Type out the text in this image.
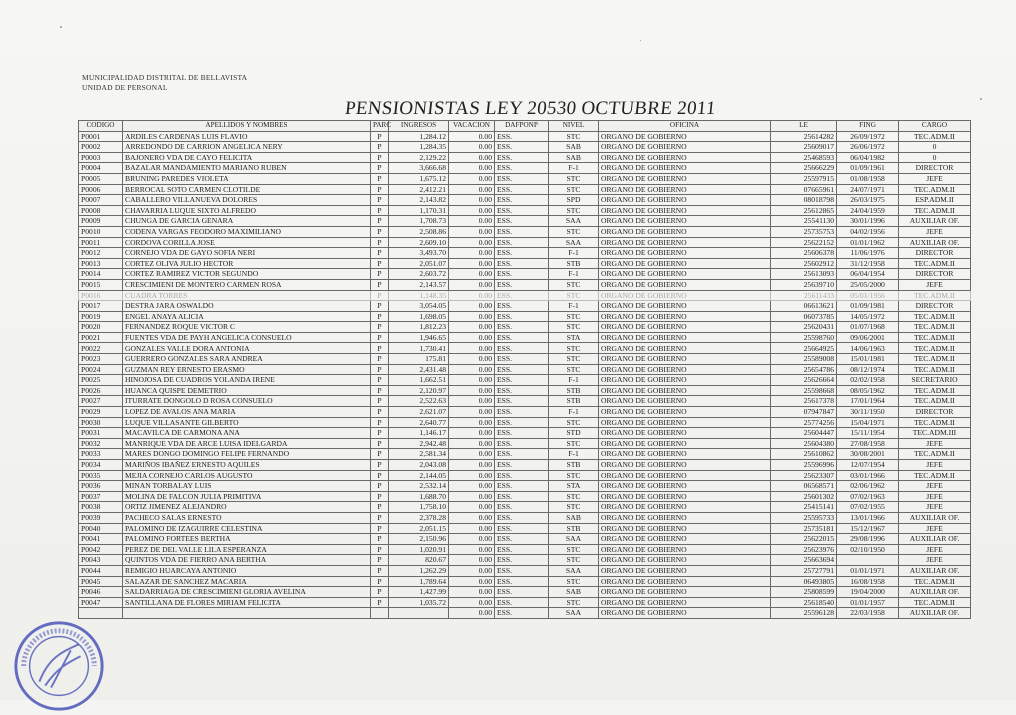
MUNICIPALIDAD DISTRITAL DE BELLAVISTA
UNIDAD DE PERSONAL
PENSIONISTAS LEY 20530 OCTUBRE 2011
CODIGO	APELLIDOS Y NOMBRES	PARC	INGRESOS	VACACION	DAFPONP	NIVEL	OFICINA	LE	FING	CARGO
P0001	ARDILES CARDENAS LUIS FLAVIO	P	1,284.12	0.00	ESS.	STC	ORGANO DE GOBIERNO	25614282	26/09/1972	TEC.ADM.II
P0002	ARREDONDO DE CARRION ANGELICA NERY	P	1,284.35	0.00	ESS.	SAB	ORGANO DE GOBIERNO	25609017	26/06/1972	0
P0003	BAJONERO VDA DE CAYO FELICITA	P	2,129.22	0.00	ESS.	SAB	ORGANO DE GOBIERNO	25468593	06/04/1982	0
P0004	BAZALAR MANDAMIENTO MARIANO RUBEN	P	3,666.68	0.00	ESS.	F-1	ORGANO DE GOBIERNO	25666229	01/09/1961	DIRECTOR
P0005	BRUNING PAREDES VIOLETA	P	1,675.12	0.00	ESS.	STC	ORGANO DE GOBIERNO	25597915	01/08/1958	JEFE
P0006	BERROCAL SOTO CARMEN CLOTILDE	P	2,412.21	0.00	ESS.	STC	ORGANO DE GOBIERNO	07665961	24/07/1971	TEC.ADM.II
P0007	CABALLERO VILLANUEVA DOLORES	P	2,143.82	0.00	ESS.	SPD	ORGANO DE GOBIERNO	08018798	26/03/1975	ESP.ADM.II
P0008	CHAVARRIA LUQUE SIXTO ALFREDO	P	1,170.31	0.00	ESS.	STC	ORGANO DE GOBIERNO	25612865	24/04/1959	TEC.ADM.II
P0009	CHUNGA DE GARCIA GENARA	P	1,708.73	0.00	ESS.	SAA	ORGANO DE GOBIERNO	25541130	30/01/1996	AUXILIAR OF.
P0010	CODENA VARGAS FEODORO MAXIMILIANO	P	2,508.86	0.00	ESS.	STC	ORGANO DE GOBIERNO	25735753	04/02/1956	JEFE
P0011	CORDOVA CORILLA JOSE	P	2,609.10	0.00	ESS.	SAA	ORGANO DE GOBIERNO	25622152	01/01/1962	AUXILIAR OF.
P0012	CORNEJO VDA DE GAYO SOFIA NERI	P	3,493.70	0.00	ESS.	F-1	ORGANO DE GOBIERNO	25606378	11/06/1976	DIRECTOR
P0013	CORTEZ OLIVA JULIO HECTOR	P	2,051.07	0.00	ESS.	STB	ORGANO DE GOBIERNO	25602912	31/12/1958	TEC.ADM.II
P0014	CORTEZ RAMIREZ VICTOR SEGUNDO	P	2,603.72	0.00	ESS.	F-1	ORGANO DE GOBIERNO	25613093	06/04/1954	DIRECTOR
P0015	CRESCIMIENI DE MONTERO CARMEN ROSA	P	2,143.57	0.00	ESS.	STC	ORGANO DE GOBIERNO	25639710	25/05/2000	JEFE
P0016	CUADRA TORRES	P	1,148.35	0.00	ESS.	STC	ORGANO DE GOBIERNO	25611433	05/01/1956	TEC.ADM.II
P0017	DESTRA JARA OSWALDO	P	3,054.05	0.00	ESS.	F-1	ORGANO DE GOBIERNO	06613621	01/09/1981	DIRECTOR
P0019	ENGEL ANAYA ALICIA	P	1,698.05	0.00	ESS.	STC	ORGANO DE GOBIERNO	06073785	14/05/1972	TEC.ADM.II
P0020	FERNANDEZ ROQUE VICTOR C	P	1,812.23	0.00	ESS.	STC	ORGANO DE GOBIERNO	25620431	01/07/1968	TEC.ADM.II
P0021	FUENTES VDA DE PAYH ANGELICA CONSUELO	P	1,946.65	0.00	ESS.	STA	ORGANO DE GOBIERNO	25598760	09/06/2001	TEC.ADM.II
P0022	GONZALES VALLE DORA ANTONIA	P	1,730.41	0.00	ESS.	STC	ORGANO DE GOBIERNO	25664925	14/06/1963	TEC.ADM.II
P0023	GUERRERO GONZALES SARA ANDREA	P	175.81	0.00	ESS.	STC	ORGANO DE GOBIERNO	25589008	15/01/1981	TEC.ADM.II
P0024	GUZMAN REY ERNESTO ERASMO	P	2,431.48	0.00	ESS.	STC	ORGANO DE GOBIERNO	25654786	08/12/1974	TEC.ADM.II
P0025	HINOJOSA DE CUADROS YOLANDA IRENE	P	1,662.51	0.00	ESS.	F-1	ORGANO DE GOBIERNO	25626664	02/02/1958	SECRETARIO
P0026	HUANCA QUISPE DEMETRIO	P	2,120.97	0.00	ESS.	STB	ORGANO DE GOBIERNO	25598668	08/05/1962	TEC.ADM.II
P0027	ITURRATE DONGOLO D ROSA CONSUELO	P	2,522.63	0.00	ESS.	STB	ORGANO DE GOBIERNO	25617378	17/01/1964	TEC.ADM.II
P0029	LOPEZ DE AVALOS ANA MARIA	P	2,621.07	0.00	ESS.	F-1	ORGANO DE GOBIERNO	07947847	30/11/1950	DIRECTOR
P0030	LUQUE VILLASANTE GILBERTO	P	2,640.77	0.00	ESS.	STC	ORGANO DE GOBIERNO	25774256	15/04/1971	TEC.ADM.II
P0031	MACAVILCA DE CARMONA ANA	P	1,146.17	0.00	ESS.	STD	ORGANO DE GOBIERNO	25604447	15/11/1954	TEC.ADM.III
P0032	MANRIQUE VDA DE ARCE LUISA IDELGARDA	P	2,942.48	0.00	ESS.	STC	ORGANO DE GOBIERNO	25604380	27/08/1958	JEFE
P0033	MARES DONGO DOMINGO FELIPE FERNANDO	P	2,581.34	0.00	ESS.	F-1	ORGANO DE GOBIERNO	25610862	30/08/2001	TEC.ADM.II
P0034	MARIÑOS IBAÑEZ ERNESTO AQUILES	P	2,043.08	0.00	ESS.	STB	ORGANO DE GOBIERNO	25596996	12/07/1954	JEFE
P0035	MEJIA CORNEJO CARLOS AUGUSTO	P	2,144.05	0.00	ESS.	STC	ORGANO DE GOBIERNO	25623307	03/01/1966	TEC.ADM.II
P0036	MINAN TORBALAY LUIS	P	2,532.14	0.00	ESS.	STA	ORGANO DE GOBIERNO	06568571	02/06/1962	JEFE
P0037	MOLINA DE FALCON JULIA PRIMITIVA	P	1,688.70	0.00	ESS.	STC	ORGANO DE GOBIERNO	25601302	07/02/1963	JEFE
P0038	ORTIZ JIMENEZ ALEJANDRO	P	1,758.10	0.00	ESS.	STC	ORGANO DE GOBIERNO	25415141	07/02/1955	JEFE
P0039	PACHECO SALAS ERNESTO	P	2,378.28	0.00	ESS.	SAB	ORGANO DE GOBIERNO	25595733	13/01/1966	AUXILIAR OF.
P0040	PALOMINO DE IZAGUIRRE CELESTINA	P	2,051.15	0.00	ESS.	STB	ORGANO DE GOBIERNO	25735181	15/12/1967	JEFE
P0041	PALOMINO FORTEES BERTHA	P	2,150.96	0.00	ESS.	SAA	ORGANO DE GOBIERNO	25622015	29/08/1996	AUXILIAR OF.
P0042	PEREZ DE DEL VALLE LILA ESPERANZA	P	1,020.91	0.00	ESS.	STC	ORGANO DE GOBIERNO	25623976	02/10/1950	JEFE
P0043	QUINTOS VDA DE FIERRO ANA BERTHA	P	820.67	0.00	ESS.	STC	ORGANO DE GOBIERNO	25663694		JEFE
P0044	REMIGIO HUARCAYA ANTONIO	P	1,262.29	0.00	ESS.	SAA	ORGANO DE GOBIERNO	25727791	01/01/1971	AUXILIAR OF.
P0045	SALAZAR DE SANCHEZ MACARIA	P	1,789.64	0.00	ESS.	STC	ORGANO DE GOBIERNO	06493805	16/08/1958	TEC.ADM.II
P0046	SALDARRIAGA DE CRESCIMIENI GLORIA AVELINA	P	1,427.99	0.00	ESS.	SAB	ORGANO DE GOBIERNO	25808599	19/04/2000	AUXILIAR OF.
P0047	SANTILLANA DE FLORES MIRIAM FELICITA	P	1,035.72	0.00	ESS.	STC	ORGANO DE GOBIERNO	25618540	01/01/1957	TEC.ADM.II
				0.00	ESS.	SAA	ORGANO DE GOBIERNO	25596128	22/03/1958	AUXILIAR OF.
